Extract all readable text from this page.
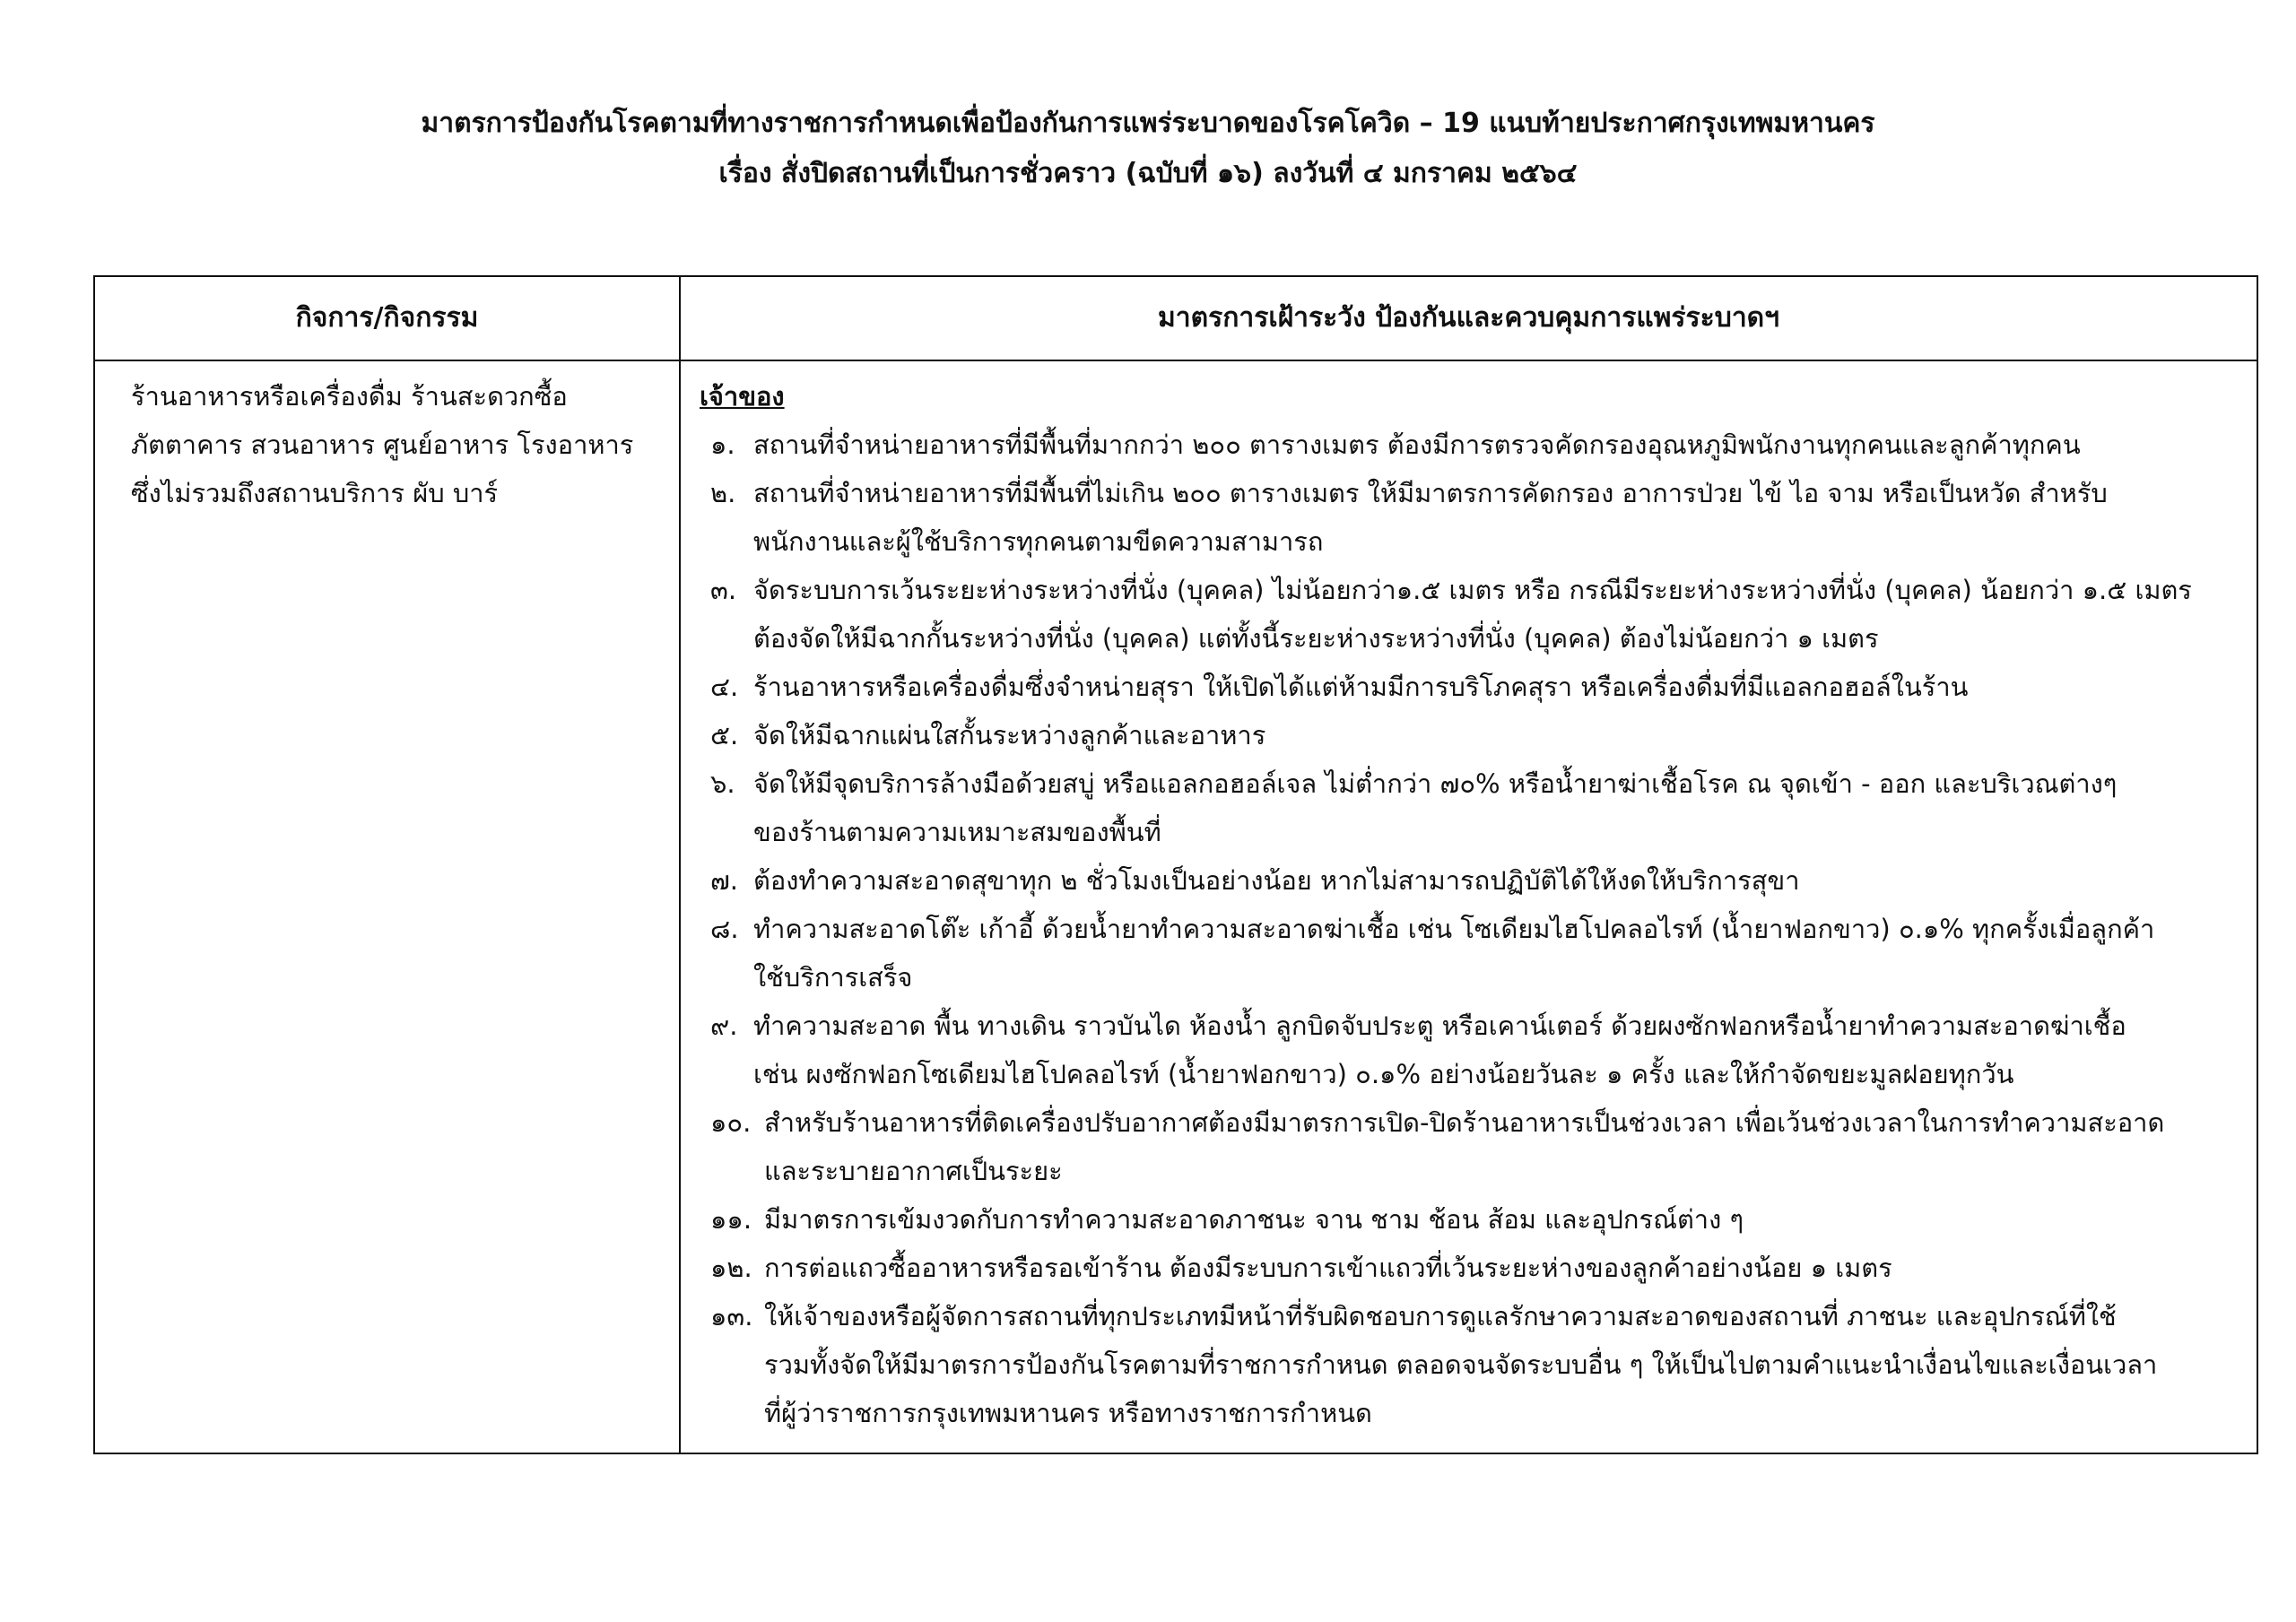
มาตรการป้องกันโรคตามที่ทางราชการกำหนดเพื่อป้องกันการแพร่ระบาดของโรคโควิด – 19 แนบท้ายประกาศกรุงเทพมหานคร
เรื่อง สั่งปิดสถานที่เป็นการชั่วคราว (ฉบับที่ ๑๖) ลงวันที่ ๔ มกราคม ๒๕๖๔
กิจการ/กิจกรรม	มาตรการเฝ้าระวัง ป้องกันและควบคุมการแพร่ระบาดฯ
ร้านอาหารหรือเครื่องดื่ม ร้านสะดวกซื้อ
ภัตตาคาร สวนอาหาร ศูนย์อาหาร โรงอาหาร
ซึ่งไม่รวมถึงสถานบริการ ผับ บาร์
เจ้าของ
๑. สถานที่จำหน่ายอาหารที่มีพื้นที่มากกว่า ๒๐๐ ตารางเมตร ต้องมีการตรวจคัดกรองอุณหภูมิพนักงานทุกคนและลูกค้าทุกคน
๒. สถานที่จำหน่ายอาหารที่มีพื้นที่ไม่เกิน ๒๐๐ ตารางเมตร ให้มีมาตรการคัดกรอง อาการป่วย ไข้ ไอ จาม หรือเป็นหวัด สำหรับ
พนักงานและผู้ใช้บริการทุกคนตามขีดความสามารถ
๓. จัดระบบการเว้นระยะห่างระหว่างที่นั่ง (บุคคล) ไม่น้อยกว่า๑.๕ เมตร หรือ กรณีมีระยะห่างระหว่างที่นั่ง (บุคคล) น้อยกว่า ๑.๕ เมตร
ต้องจัดให้มีฉากกั้นระหว่างที่นั่ง (บุคคล) แต่ทั้งนี้ระยะห่างระหว่างที่นั่ง (บุคคล) ต้องไม่น้อยกว่า ๑ เมตร
๔. ร้านอาหารหรือเครื่องดื่มซึ่งจำหน่ายสุรา ให้เปิดได้แต่ห้ามมีการบริโภคสุรา หรือเครื่องดื่มที่มีแอลกอฮอล์ในร้าน
๕. จัดให้มีฉากแผ่นใสกั้นระหว่างลูกค้าและอาหาร
๖. จัดให้มีจุดบริการล้างมือด้วยสบู่ หรือแอลกอฮอล์เจล ไม่ต่ำกว่า ๗๐% หรือน้ำยาฆ่าเชื้อโรค ณ จุดเข้า - ออก และบริเวณต่างๆ
ของร้านตามความเหมาะสมของพื้นที่
๗. ต้องทำความสะอาดสุขาทุก ๒ ชั่วโมงเป็นอย่างน้อย หากไม่สามารถปฏิบัติได้ให้งดให้บริการสุขา
๘. ทำความสะอาดโต๊ะ เก้าอี้ ด้วยน้ำยาทำความสะอาดฆ่าเชื้อ เช่น โซเดียมไฮโปคลอไรท์ (น้ำยาฟอกขาว) ๐.๑% ทุกครั้งเมื่อลูกค้า
ใช้บริการเสร็จ
๙. ทำความสะอาด พื้น ทางเดิน ราวบันได ห้องน้ำ ลูกบิดจับประตู หรือเคาน์เตอร์ ด้วยผงซักฟอกหรือน้ำยาทำความสะอาดฆ่าเชื้อ
เช่น ผงซักฟอกโซเดียมไฮโปคลอไรท์ (น้ำยาฟอกขาว) ๐.๑% อย่างน้อยวันละ ๑ ครั้ง และให้กำจัดขยะมูลฝอยทุกวัน
๑๐. สำหรับร้านอาหารที่ติดเครื่องปรับอากาศต้องมีมาตรการเปิด-ปิดร้านอาหารเป็นช่วงเวลา เพื่อเว้นช่วงเวลาในการทำความสะอาด
และระบายอากาศเป็นระยะ
๑๑. มีมาตรการเข้มงวดกับการทำความสะอาดภาชนะ จาน ชาม ช้อน ส้อม และอุปกรณ์ต่าง ๆ
๑๒. การต่อแถวซื้ออาหารหรือรอเข้าร้าน ต้องมีระบบการเข้าแถวที่เว้นระยะห่างของลูกค้าอย่างน้อย ๑ เมตร
๑๓. ให้เจ้าของหรือผู้จัดการสถานที่ทุกประเภทมีหน้าที่รับผิดชอบการดูแลรักษาความสะอาดของสถานที่ ภาชนะ และอุปกรณ์ที่ใช้
รวมทั้งจัดให้มีมาตรการป้องกันโรคตามที่ราชการกำหนด ตลอดจนจัดระบบอื่น ๆ ให้เป็นไปตามคำแนะนำเงื่อนไขและเงื่อนเวลา
ที่ผู้ว่าราชการกรุงเทพมหานคร หรือทางราชการกำหนด
